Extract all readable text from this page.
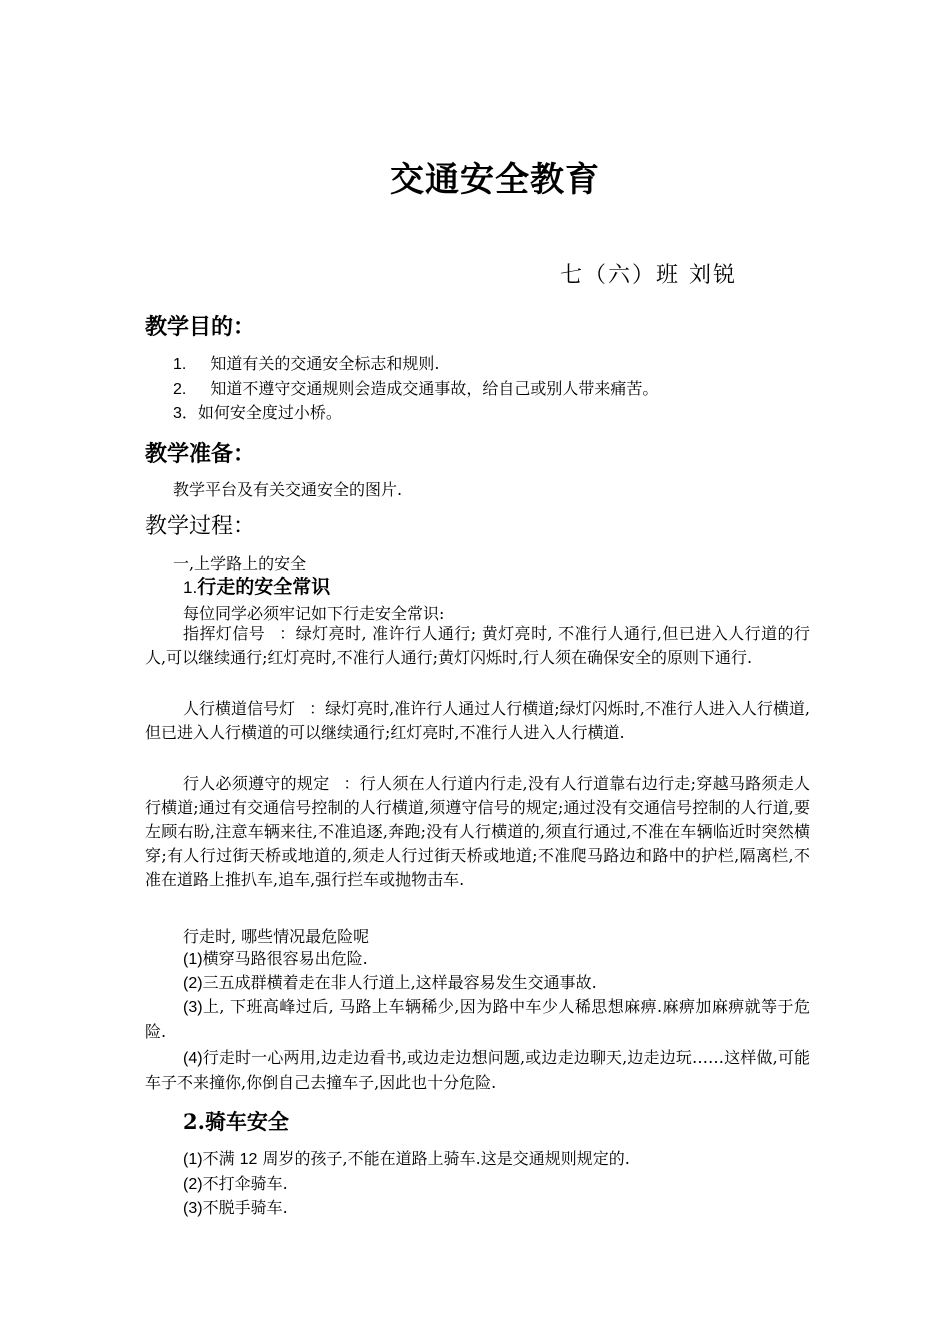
交通安全教育
七（六）班 刘锐
教学目的：
1. 知道有关的交通安全标志和规则.
2. 知道不遵守交通规则会造成交通事故，给自己或别人带来痛苦。
3．如何安全度过小桥。
教学准备：
教学平台及有关交通安全的图片.
教学过程：
一,上学路上的安全
1.行走的安全常识
每位同学必须牢记如下行走安全常识:
指挥灯信号 ：绿灯亮时, 准许行人通行; 黄灯亮时, 不准行人通行,但已进入人行道的行人,可以继续通行;红灯亮时,不准行人通行;黄灯闪烁时,行人须在确保安全的原则下通行.
人行横道信号灯 ：绿灯亮时,准许行人通过人行横道;绿灯闪烁时,不准行人进入人行横道,但已进入人行横道的可以继续通行;红灯亮时,不准行人进入人行横道.
行人必须遵守的规定 ：行人须在人行道内行走,没有人行道靠右边行走;穿越马路须走人行横道;通过有交通信号控制的人行横道,须遵守信号的规定;通过没有交通信号控制的人行道,要左顾右盼,注意车辆来往,不准追逐,奔跑;没有人行横道的,须直行通过,不准在车辆临近时突然横穿;有人行过街天桥或地道的,须走人行过街天桥或地道;不准爬马路边和路中的护栏,隔离栏,不准在道路上推扒车,追车,强行拦车或抛物击车.
行走时, 哪些情况最危险呢
(1)横穿马路很容易出危险.
(2)三五成群横着走在非人行道上,这样最容易发生交通事故.
(3)上, 下班高峰过后, 马路上车辆稀少,因为路中车少人稀思想麻痹.麻痹加麻痹就等于危险.
(4)行走时一心两用,边走边看书,或边走边想问题,或边走边聊天,边走边玩……这样做,可能车子不来撞你,你倒自己去撞车子,因此也十分危险.
2.骑车安全
(1)不满 12 周岁的孩子,不能在道路上骑车.这是交通规则规定的.
(2)不打伞骑车.
(3)不脱手骑车.
